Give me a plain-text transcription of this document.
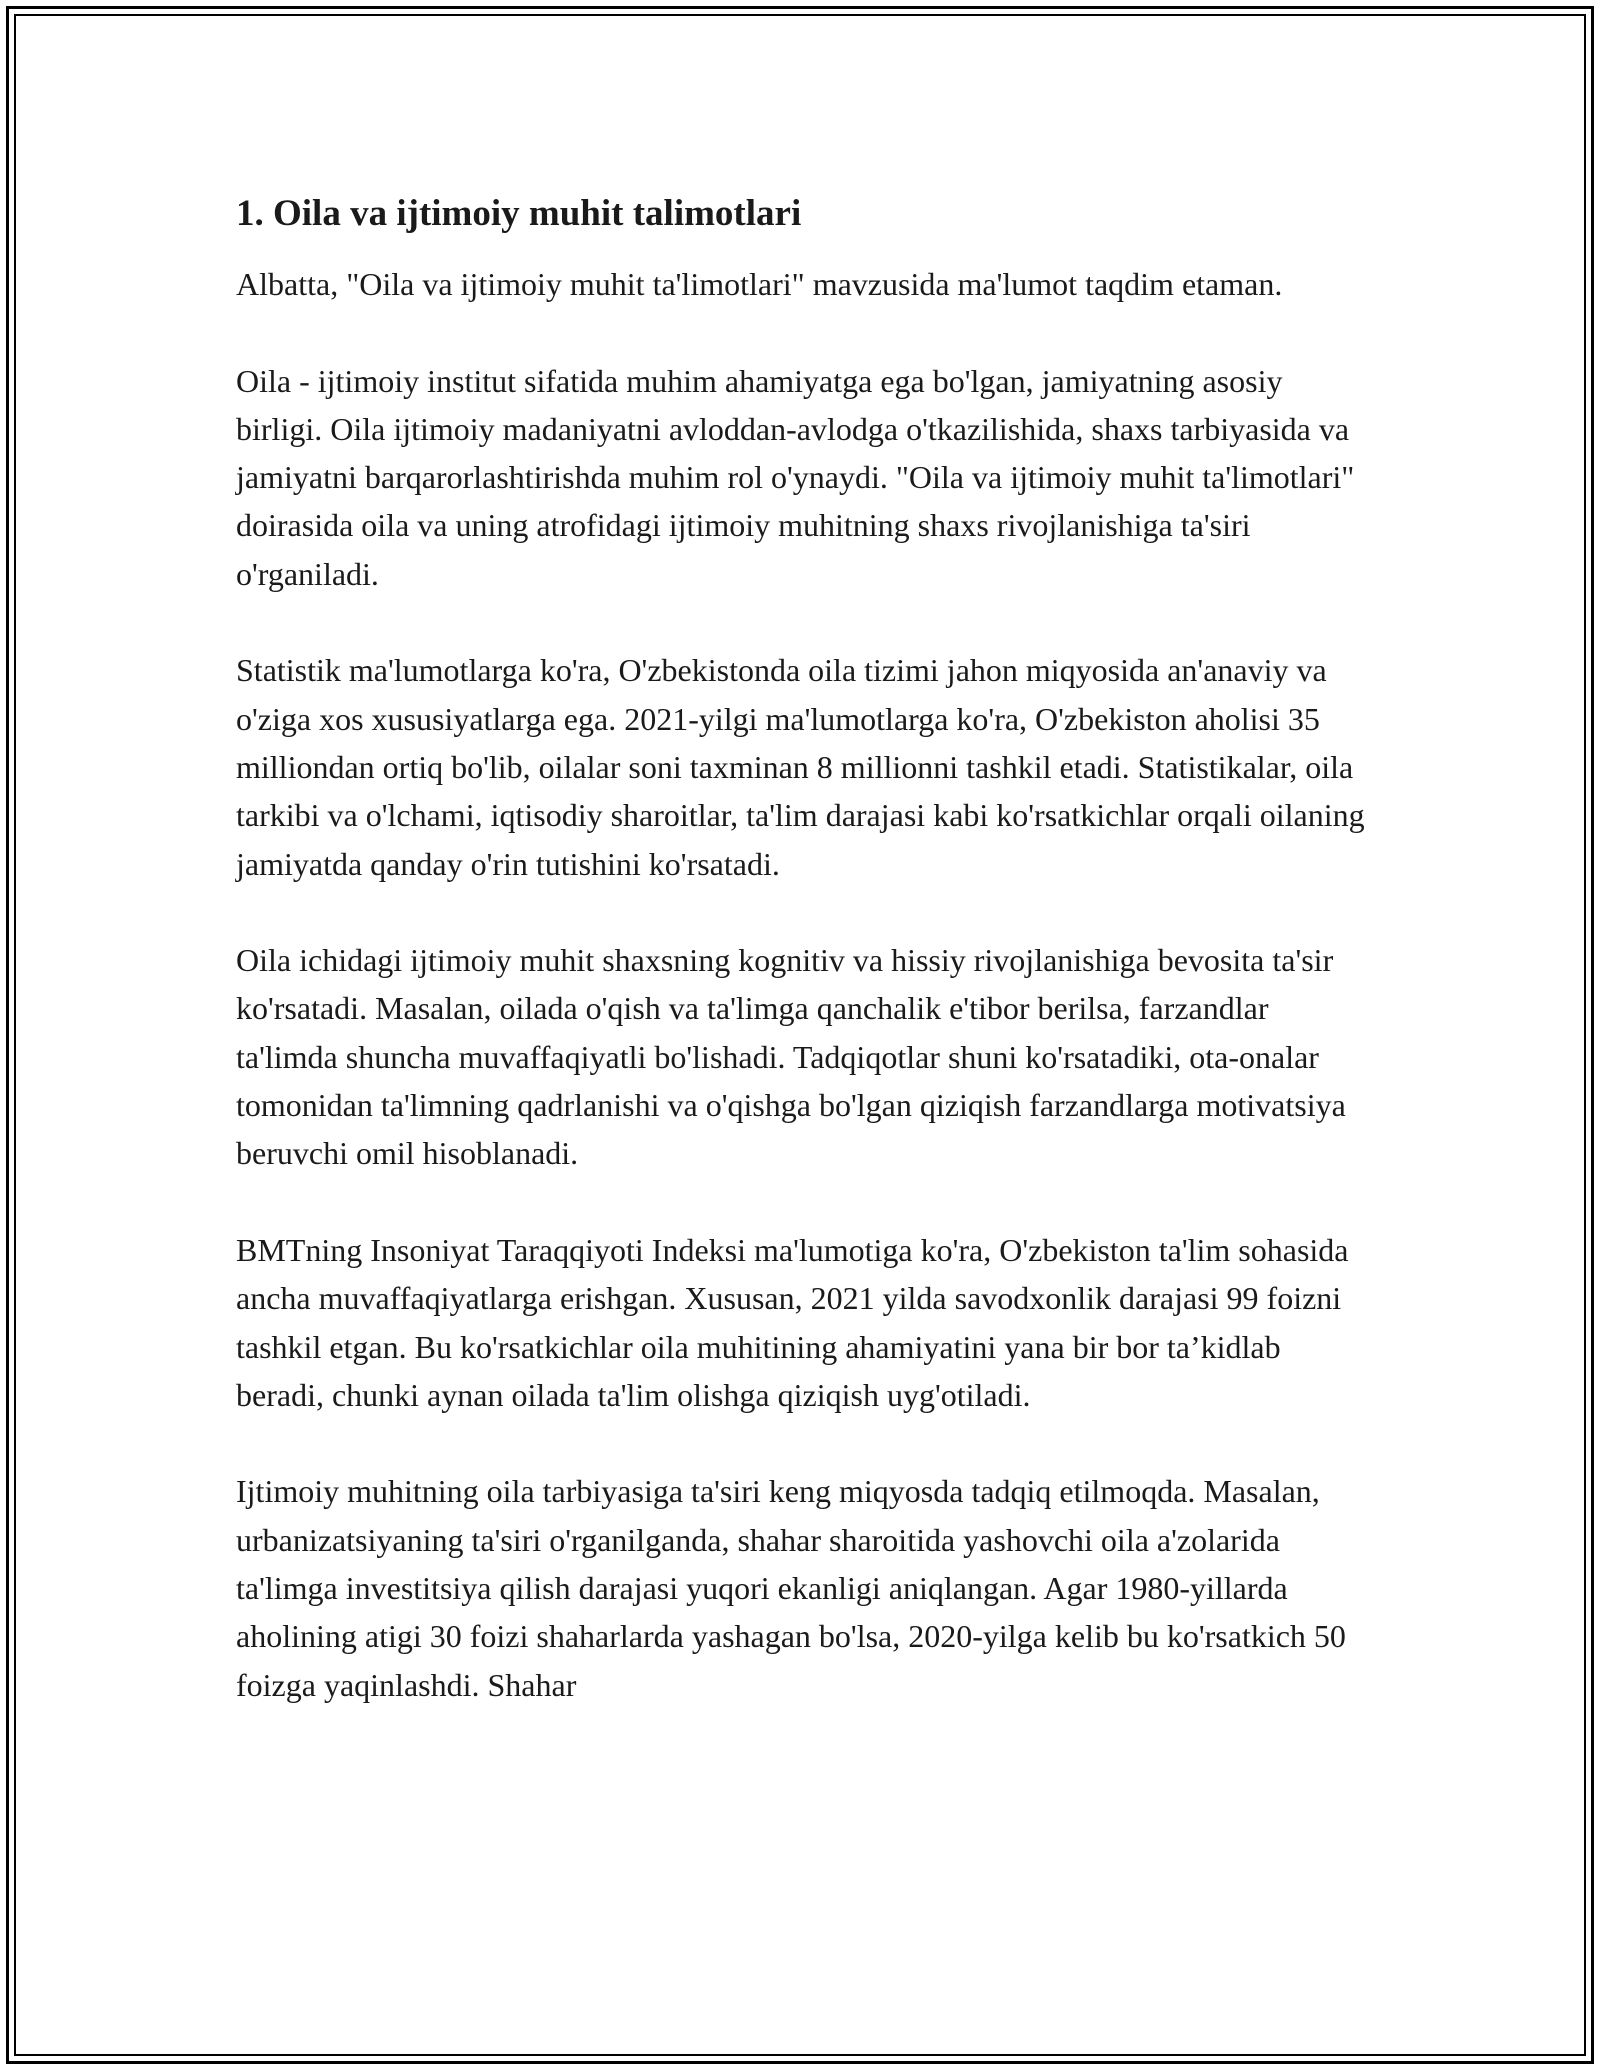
1. Oila va ijtimoiy muhit talimotlari

Albatta, "Oila va ijtimoiy muhit ta'limotlari" mavzusida ma'lumot taqdim etaman.

Oila - ijtimoiy institut sifatida muhim ahamiyatga ega bo'lgan, jamiyatning asosiy birligi. Oila ijtimoiy madaniyatni avloddan-avlodga o'tkazilishida, shaxs tarbiyasida va jamiyatni barqarorlashtirishda muhim rol o'ynaydi. "Oila va ijtimoiy muhit ta'limotlari" doirasida oila va uning atrofidagi ijtimoiy muhitning shaxs rivojlanishiga ta'siri o'rganiladi.

Statistik ma'lumotlarga ko'ra, O'zbekistonda oila tizimi jahon miqyosida an'anaviy va o'ziga xos xususiyatlarga ega. 2021-yilgi ma'lumotlarga ko'ra, O'zbekiston aholisi 35 milliondan ortiq bo'lib, oilalar soni taxminan 8 millionni tashkil etadi. Statistikalar, oila tarkibi va o'lchami, iqtisodiy sharoitlar, ta'lim darajasi kabi ko'rsatkichlar orqali oilaning jamiyatda qanday o'rin tutishini ko'rsatadi.

Oila ichidagi ijtimoiy muhit shaxsning kognitiv va hissiy rivojlanishiga bevosita ta'sir ko'rsatadi. Masalan, oilada o'qish va ta'limga qanchalik e'tibor berilsa, farzandlar ta'limda shuncha muvaffaqiyatli bo'lishadi. Tadqiqotlar shuni ko'rsatadiki, ota-onalar tomonidan ta'limning qadrlanishi va o'qishga bo'lgan qiziqish farzandlarga motivatsiya beruvchi omil hisoblanadi.

BMTning Insoniyat Taraqqiyoti Indeksi ma'lumotiga ko'ra, O'zbekiston ta'lim sohasida ancha muvaffaqiyatlarga erishgan. Xususan, 2021 yilda savodxonlik darajasi 99 foizni tashkil etgan. Bu ko'rsatkichlar oila muhitining ahamiyatini yana bir bor ta’kidlab beradi, chunki aynan oilada ta'lim olishga qiziqish uyg'otiladi.

Ijtimoiy muhitning oila tarbiyasiga ta'siri keng miqyosda tadqiq etilmoqda. Masalan, urbanizatsiyaning ta'siri o'rganilganda, shahar sharoitida yashovchi oila a'zolarida ta'limga investitsiya qilish darajasi yuqori ekanligi aniqlangan. Agar 1980-yillarda aholining atigi 30 foizi shaharlarda yashagan bo'lsa, 2020-yilga kelib bu ko'rsatkich 50 foizga yaqinlashdi. Shahar
